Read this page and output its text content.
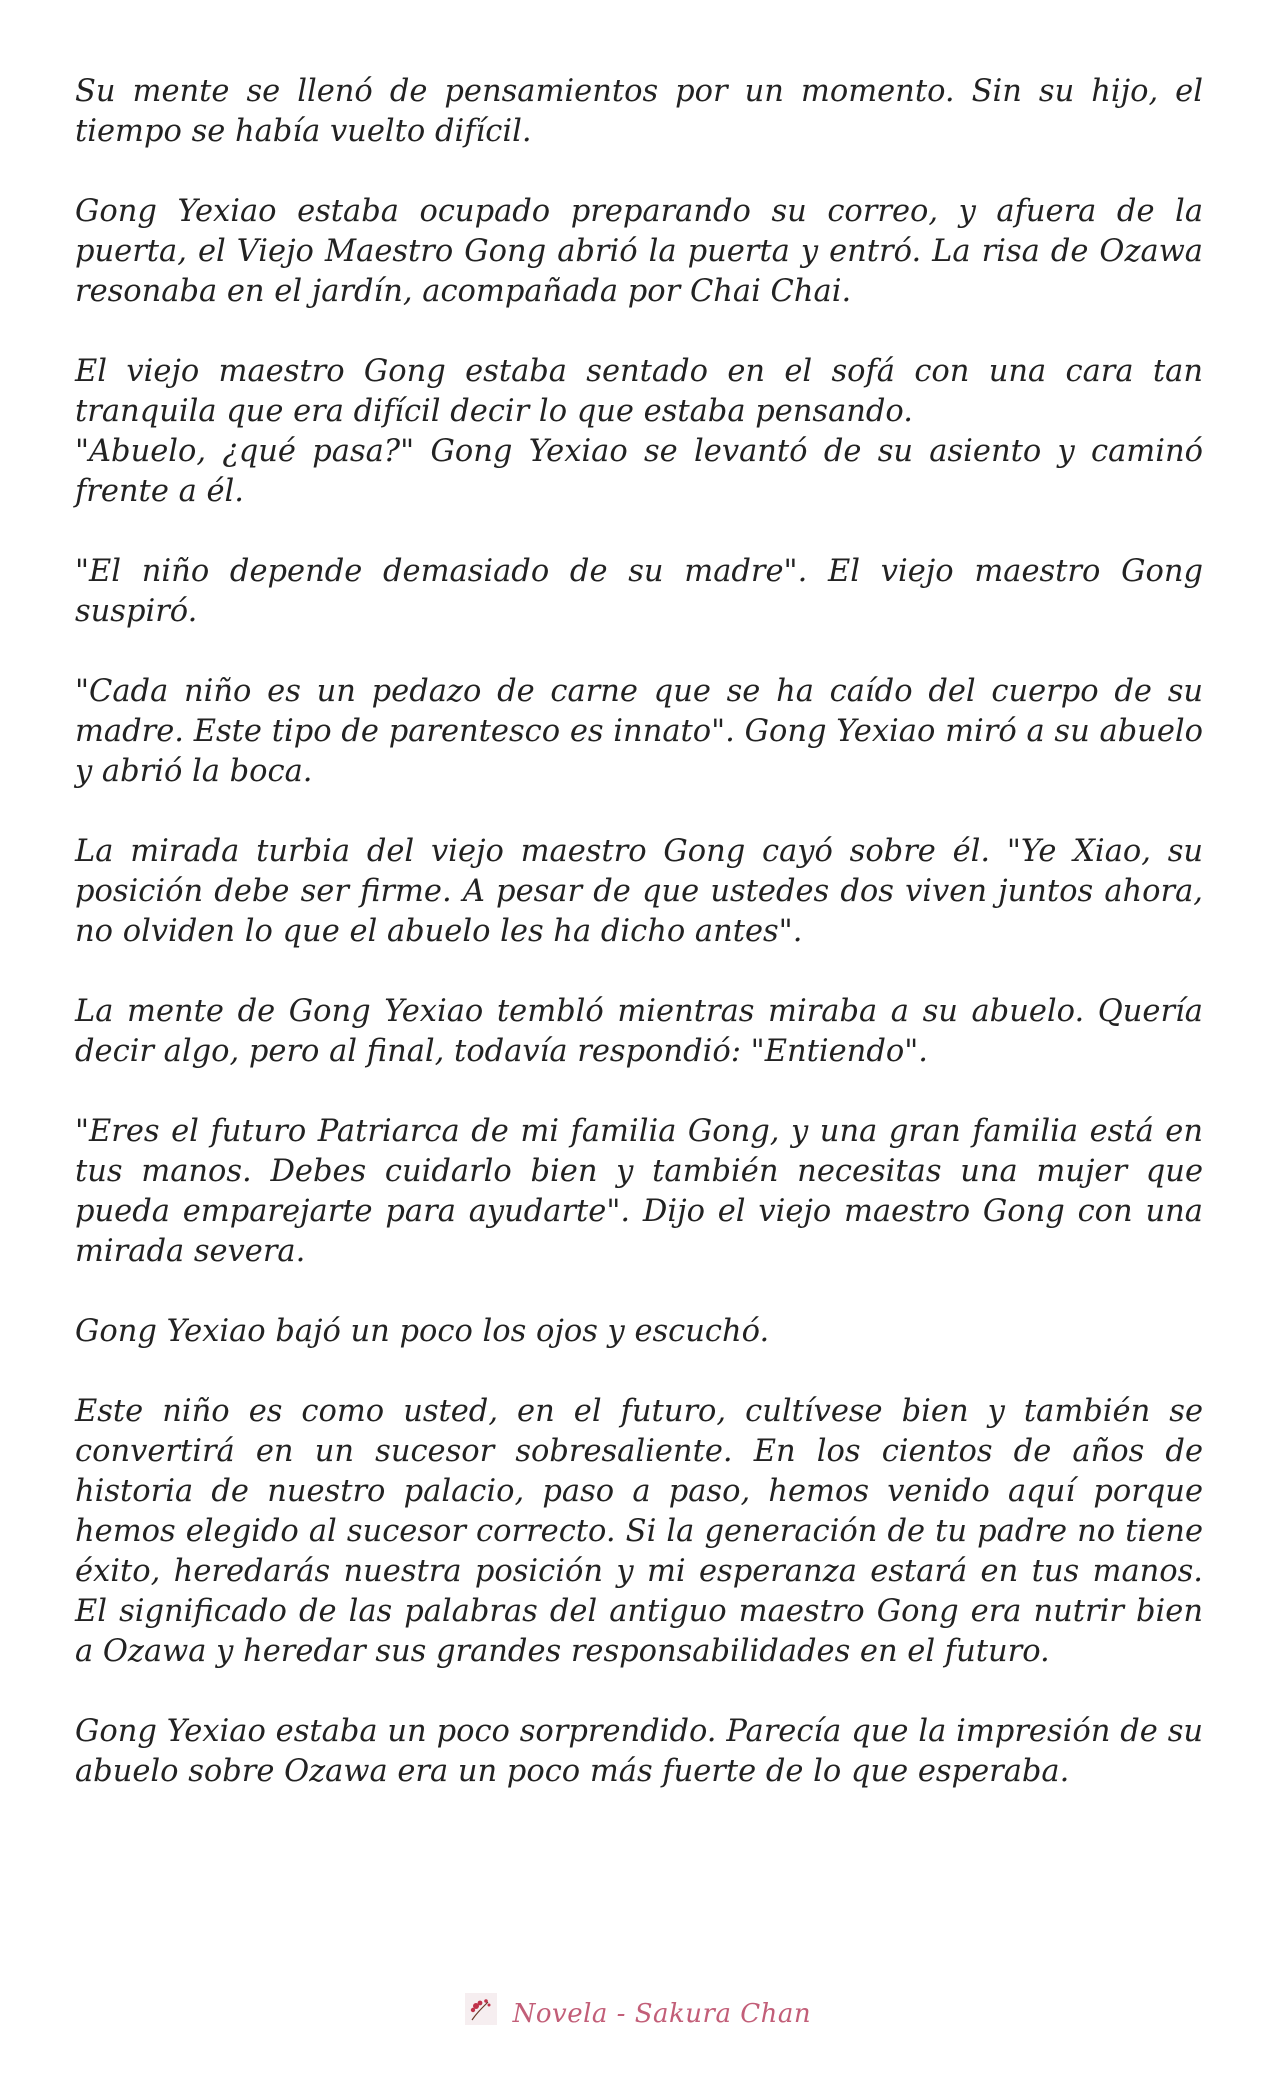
Su mente se llenó de pensamientos por un momento. Sin su hijo, el tiempo se había vuelto difícil.

Gong Yexiao estaba ocupado preparando su correo, y afuera de la puerta, el Viejo Maestro Gong abrió la puerta y entró. La risa de Ozawa resonaba en el jardín, acompañada por Chai Chai.

El viejo maestro Gong estaba sentado en el sofá con una cara tan tranquila que era difícil decir lo que estaba pensando.

"Abuelo, ¿qué pasa?" Gong Yexiao se levantó de su asiento y caminó frente a él.

"El niño depende demasiado de su madre". El viejo maestro Gong suspiró.

"Cada niño es un pedazo de carne que se ha caído del cuerpo de su madre. Este tipo de parentesco es innato". Gong Yexiao miró a su abuelo y abrió la boca.

La mirada turbia del viejo maestro Gong cayó sobre él. "Ye Xiao, su posición debe ser firme. A pesar de que ustedes dos viven juntos ahora, no olviden lo que el abuelo les ha dicho antes".

La mente de Gong Yexiao tembló mientras miraba a su abuelo. Quería decir algo, pero al final, todavía respondió: "Entiendo".

"Eres el futuro Patriarca de mi familia Gong, y una gran familia está en tus manos. Debes cuidarlo bien y también necesitas una mujer que pueda emparejarte para ayudarte". Dijo el viejo maestro Gong con una mirada severa.

Gong Yexiao bajó un poco los ojos y escuchó.

Este niño es como usted, en el futuro, cultívese bien y también se convertirá en un sucesor sobresaliente. En los cientos de años de historia de nuestro palacio, paso a paso, hemos venido aquí porque hemos elegido al sucesor correcto. Si la generación de tu padre no tiene éxito, heredarás nuestra posición y mi esperanza estará en tus manos. El significado de las palabras del antiguo maestro Gong era nutrir bien a Ozawa y heredar sus grandes responsabilidades en el futuro.

Gong Yexiao estaba un poco sorprendido. Parecía que la impresión de su abuelo sobre Ozawa era un poco más fuerte de lo que esperaba.

Novela - Sakura Chan
